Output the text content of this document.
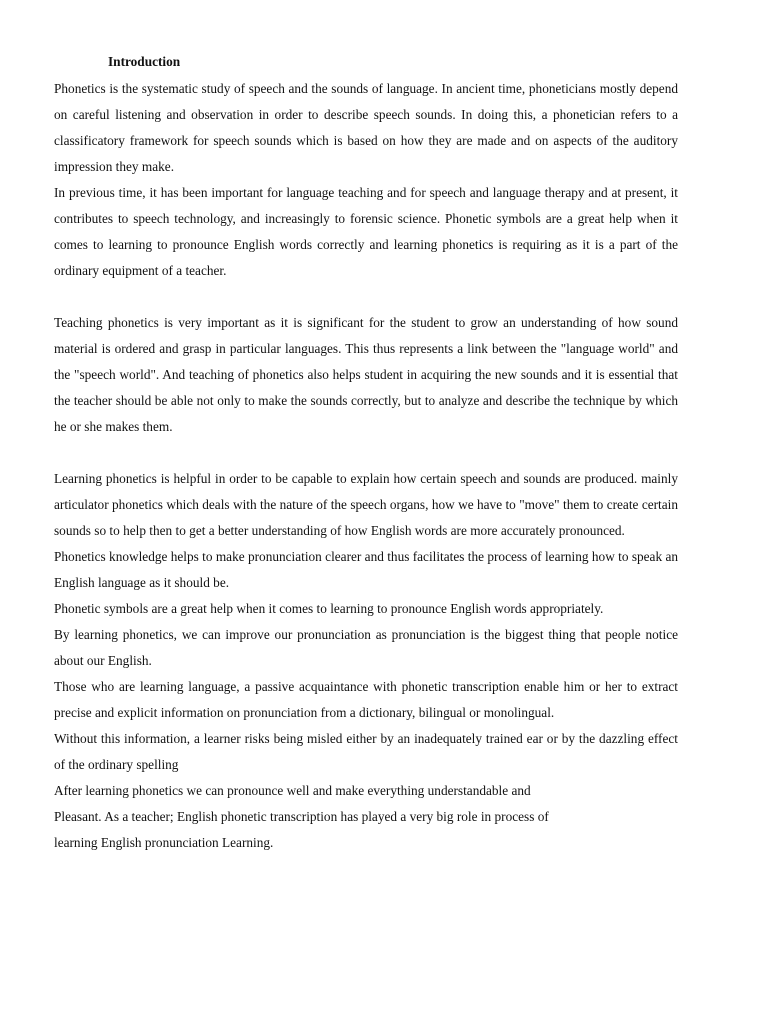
Introduction

Phonetics is the systematic study of speech and the sounds of language. In ancient time, phoneticians mostly depend on careful listening and observation in order to describe speech sounds. In doing this, a phonetician refers to a classificatory framework for speech sounds which is based on how they are made and on aspects of the auditory impression they make.

In previous time, it has been important for language teaching and for speech and language therapy and at present, it contributes to speech technology, and increasingly to forensic science. Phonetic symbols are a great help when it comes to learning to pronounce English words correctly and learning phonetics is requiring as it is a part of the ordinary equipment of a teacher.

Teaching phonetics is very important as it is significant for the student to grow an understanding of how sound material is ordered and grasp in particular languages. This thus represents a link between the "language world" and the "speech world". And teaching of phonetics also helps student in acquiring the new sounds and it is essential that the teacher should be able not only to make the sounds correctly, but to analyze and describe the technique by which he or she makes them.

Learning phonetics is helpful in order to be capable to explain how certain speech and sounds are produced. mainly articulator phonetics which deals with the nature of the speech organs, how we have to "move" them to create certain sounds so to help then to get a better understanding of how English words are more accurately pronounced.

Phonetics knowledge helps to make pronunciation clearer and thus facilitates the process of learning how to speak an English language as it should be.

Phonetic symbols are a great help when it comes to learning to pronounce English words appropriately.

By learning phonetics, we can improve our pronunciation as pronunciation is the biggest thing that people notice about our English.

Those who are learning language, a passive acquaintance with phonetic transcription enable him or her to extract precise and explicit information on pronunciation from a dictionary, bilingual or monolingual.

Without this information, a learner risks being misled either by an inadequately trained ear or by the dazzling effect of the ordinary spelling

After learning phonetics we can pronounce well and make everything understandable and
Pleasant. As a teacher; English phonetic transcription has played a very big role in process of
learning English pronunciation Learning.
